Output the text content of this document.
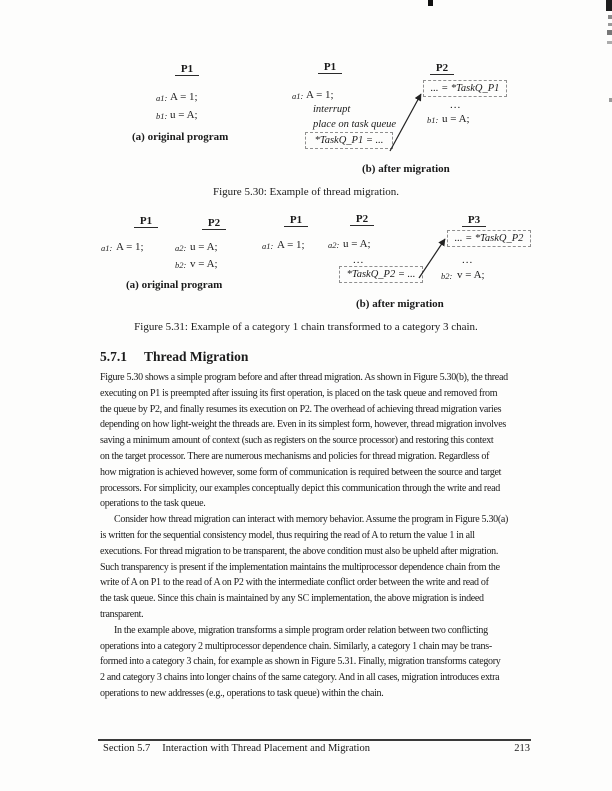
P1
a1: A = 1;
b1: u = A;
(a) original program
P1
a1: A = 1;
interrupt
place on task queue
*TaskQ_P1 = ...
P2
... = *TaskQ_P1
...
b1: u = A;
(b) after migration
Figure 5.30: Example of thread migration.
P1
a1: A = 1;
P2
a2: u = A;
b2: v = A;
(a) original program
P1
a1: A = 1;
P2
a2: u = A;
...
*TaskQ_P2 = ...
P3
... = *TaskQ_P2
...
b2: v = A;
(b) after migration
Figure 5.31: Example of a category 1 chain transformed to a category 3 chain.
5.7.1 Thread Migration
Figure 5.30 shows a simple program before and after thread migration. As shown in Figure 5.30(b), the thread
executing on P1 is preempted after issuing its first operation, is placed on the task queue and removed from
the queue by P2, and finally resumes its execution on P2. The overhead of achieving thread migration varies
depending on how light-weight the threads are. Even in its simplest form, however, thread migration involves
saving a minimum amount of context (such as registers on the source processor) and restoring this context
on the target processor. There are numerous mechanisms and policies for thread migration. Regardless of
how migration is achieved however, some form of communication is required between the source and target
processors. For simplicity, our examples conceptually depict this communication through the write and read
operations to the task queue.
Consider how thread migration can interact with memory behavior. Assume the program in Figure 5.30(a)
is written for the sequential consistency model, thus requiring the read of A to return the value 1 in all
executions. For thread migration to be transparent, the above condition must also be upheld after migration.
Such transparency is present if the implementation maintains the multiprocessor dependence chain from the
write of A on P1 to the read of A on P2 with the intermediate conflict order between the write and read of
the task queue. Since this chain is maintained by any SC implementation, the above migration is indeed
transparent.
In the example above, migration transforms a simple program order relation between two conflicting
operations into a category 2 multiprocessor dependence chain. Similarly, a category 1 chain may be trans-
formed into a category 3 chain, for example as shown in Figure 5.31. Finally, migration transforms category
2 and category 3 chains into longer chains of the same category. And in all cases, migration introduces extra
operations to new addresses (e.g., operations to task queue) within the chain.
Section 5.7 Interaction with Thread Placement and Migration	213
